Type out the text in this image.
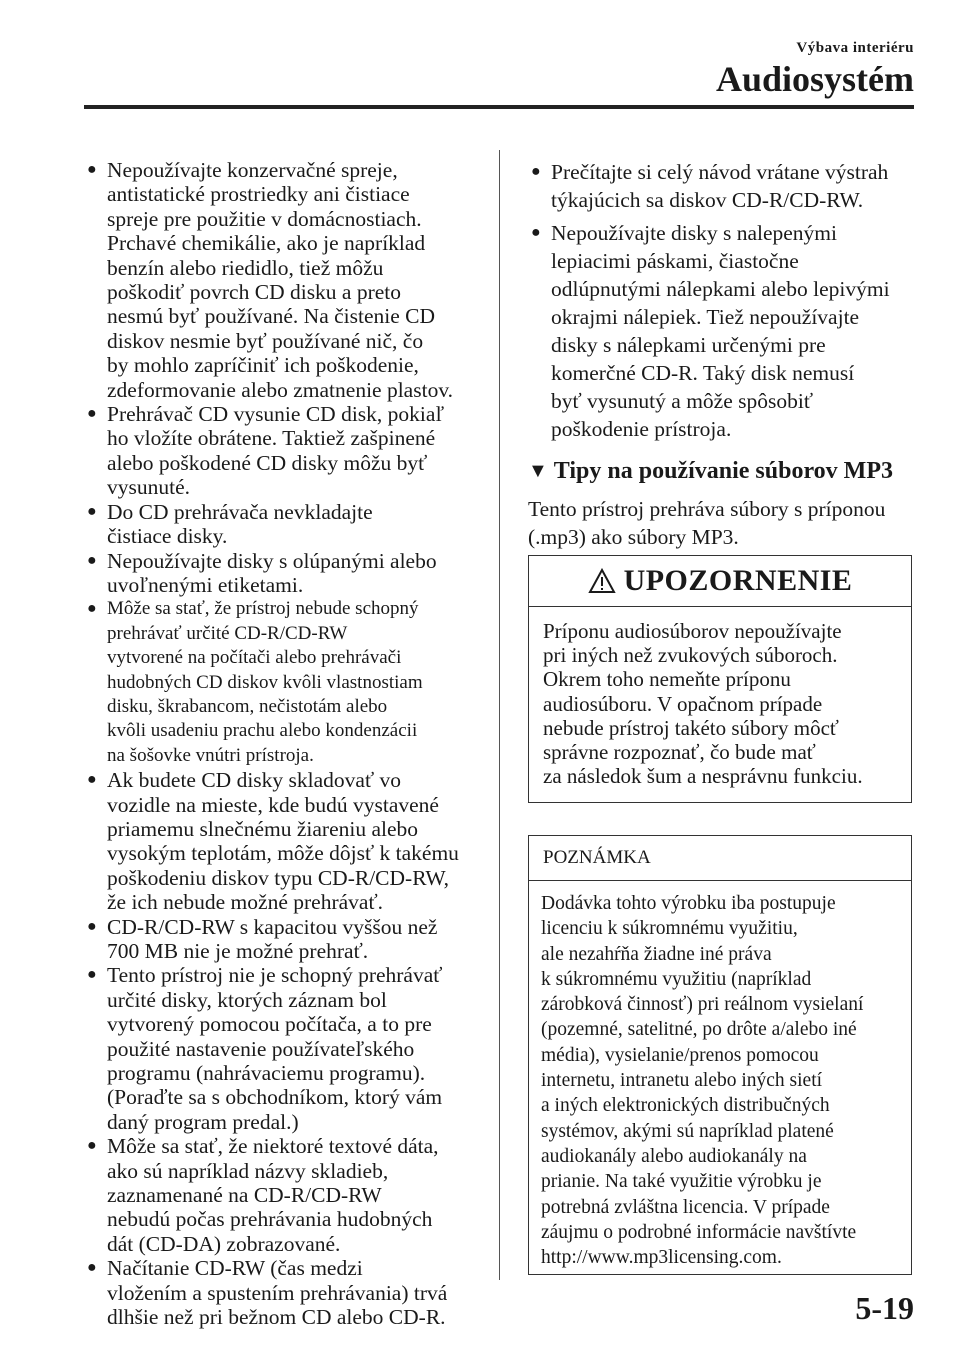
Výbava interiéru
Audiosystém
● Nepoužívajte konzervačné spreje,
antistatické prostriedky ani čistiace
spreje pre použitie v domácnostiach.
Prchavé chemikálie, ako je napríklad
benzín alebo riedidlo, tiež môžu
poškodiť povrch CD disku a preto
nesmú byť používané. Na čistenie CD
diskov nesmie byť používané nič, čo
by mohlo zapríčiniť ich poškodenie,
zdeformovanie alebo zmatnenie plastov.
● Prehrávač CD vysunie CD disk, pokiaľ
ho vložíte obrátene. Taktiež zašpinené
alebo poškodené CD disky môžu byť
vysunuté.
● Do CD prehrávača nevkladajte
čistiace disky.
● Nepoužívajte disky s olúpanými alebo
uvoľnenými etiketami.
● Môže sa stať, že prístroj nebude schopný
prehrávať určité CD-R/CD-RW
vytvorené na počítači alebo prehrávači
hudobných CD diskov kvôli vlastnostiam
disku, škrabancom, nečistotám alebo
kvôli usadeniu prachu alebo kondenzácii
na šošovke vnútri prístroja.
● Ak budete CD disky skladovať vo
vozidle na mieste, kde budú vystavené
priamemu slnečnému žiareniu alebo
vysokým teplotám, môže dôjsť k takému
poškodeniu diskov typu CD-R/CD-RW,
že ich nebude možné prehrávať.
● CD-R/CD-RW s kapacitou vyššou než
700 MB nie je možné prehrať.
● Tento prístroj nie je schopný prehrávať
určité disky, ktorých záznam bol
vytvorený pomocou počítača, a to pre
použité nastavenie používateľského
programu (nahrávaciemu programu).
(Poraďte sa s obchodníkom, ktorý vám
daný program predal.)
● Môže sa stať, že niektoré textové dáta,
ako sú napríklad názvy skladieb,
zaznamenané na CD-R/CD-RW
nebudú počas prehrávania hudobných
dát (CD-DA) zobrazované.
● Načítanie CD-RW (čas medzi
vložením a spustením prehrávania) trvá
dlhšie než pri bežnom CD alebo CD-R.
● Prečítajte si celý návod vrátane výstrah
týkajúcich sa diskov CD-R/CD-RW.
● Nepoužívajte disky s nalepenými
lepiacimi páskami, čiastočne
odlúpnutými nálepkami alebo lepivými
okrajmi nálepiek. Tiež nepoužívajte
disky s nálepkami určenými pre
komerčné CD-R. Taký disk nemusí
byť vysunutý a môže spôsobiť
poškodenie prístroja.
▼ Tipy na používanie súborov MP3
Tento prístroj prehráva súbory s príponou
(.mp3) ako súbory MP3.
UPOZORNENIE
Príponu audiosúborov nepoužívajte
pri iných než zvukových súboroch.
Okrem toho nemeňte príponu
audiosúboru. V opačnom prípade
nebude prístroj takéto súbory môcť
správne rozpoznať, čo bude mať
za následok šum a nesprávnu funkciu.
POZNÁMKA
Dodávka tohto výrobku iba postupuje
licenciu k súkromnému využitiu,
ale nezahŕňa žiadne iné práva
k súkromnému využitiu (napríklad
zárobková činnosť) pri reálnom vysielaní
(pozemné, satelitné, po drôte a/alebo iné
média), vysielanie/prenos pomocou
internetu, intranetu alebo iných sietí
a iných elektronických distribučných
systémov, akými sú napríklad platené
audiokanály alebo audiokanály na
prianie. Na také využitie výrobku je
potrebná zvláštna licencia. V prípade
záujmu o podrobné informácie navštívte
http://www.mp3licensing.com.
5-19
